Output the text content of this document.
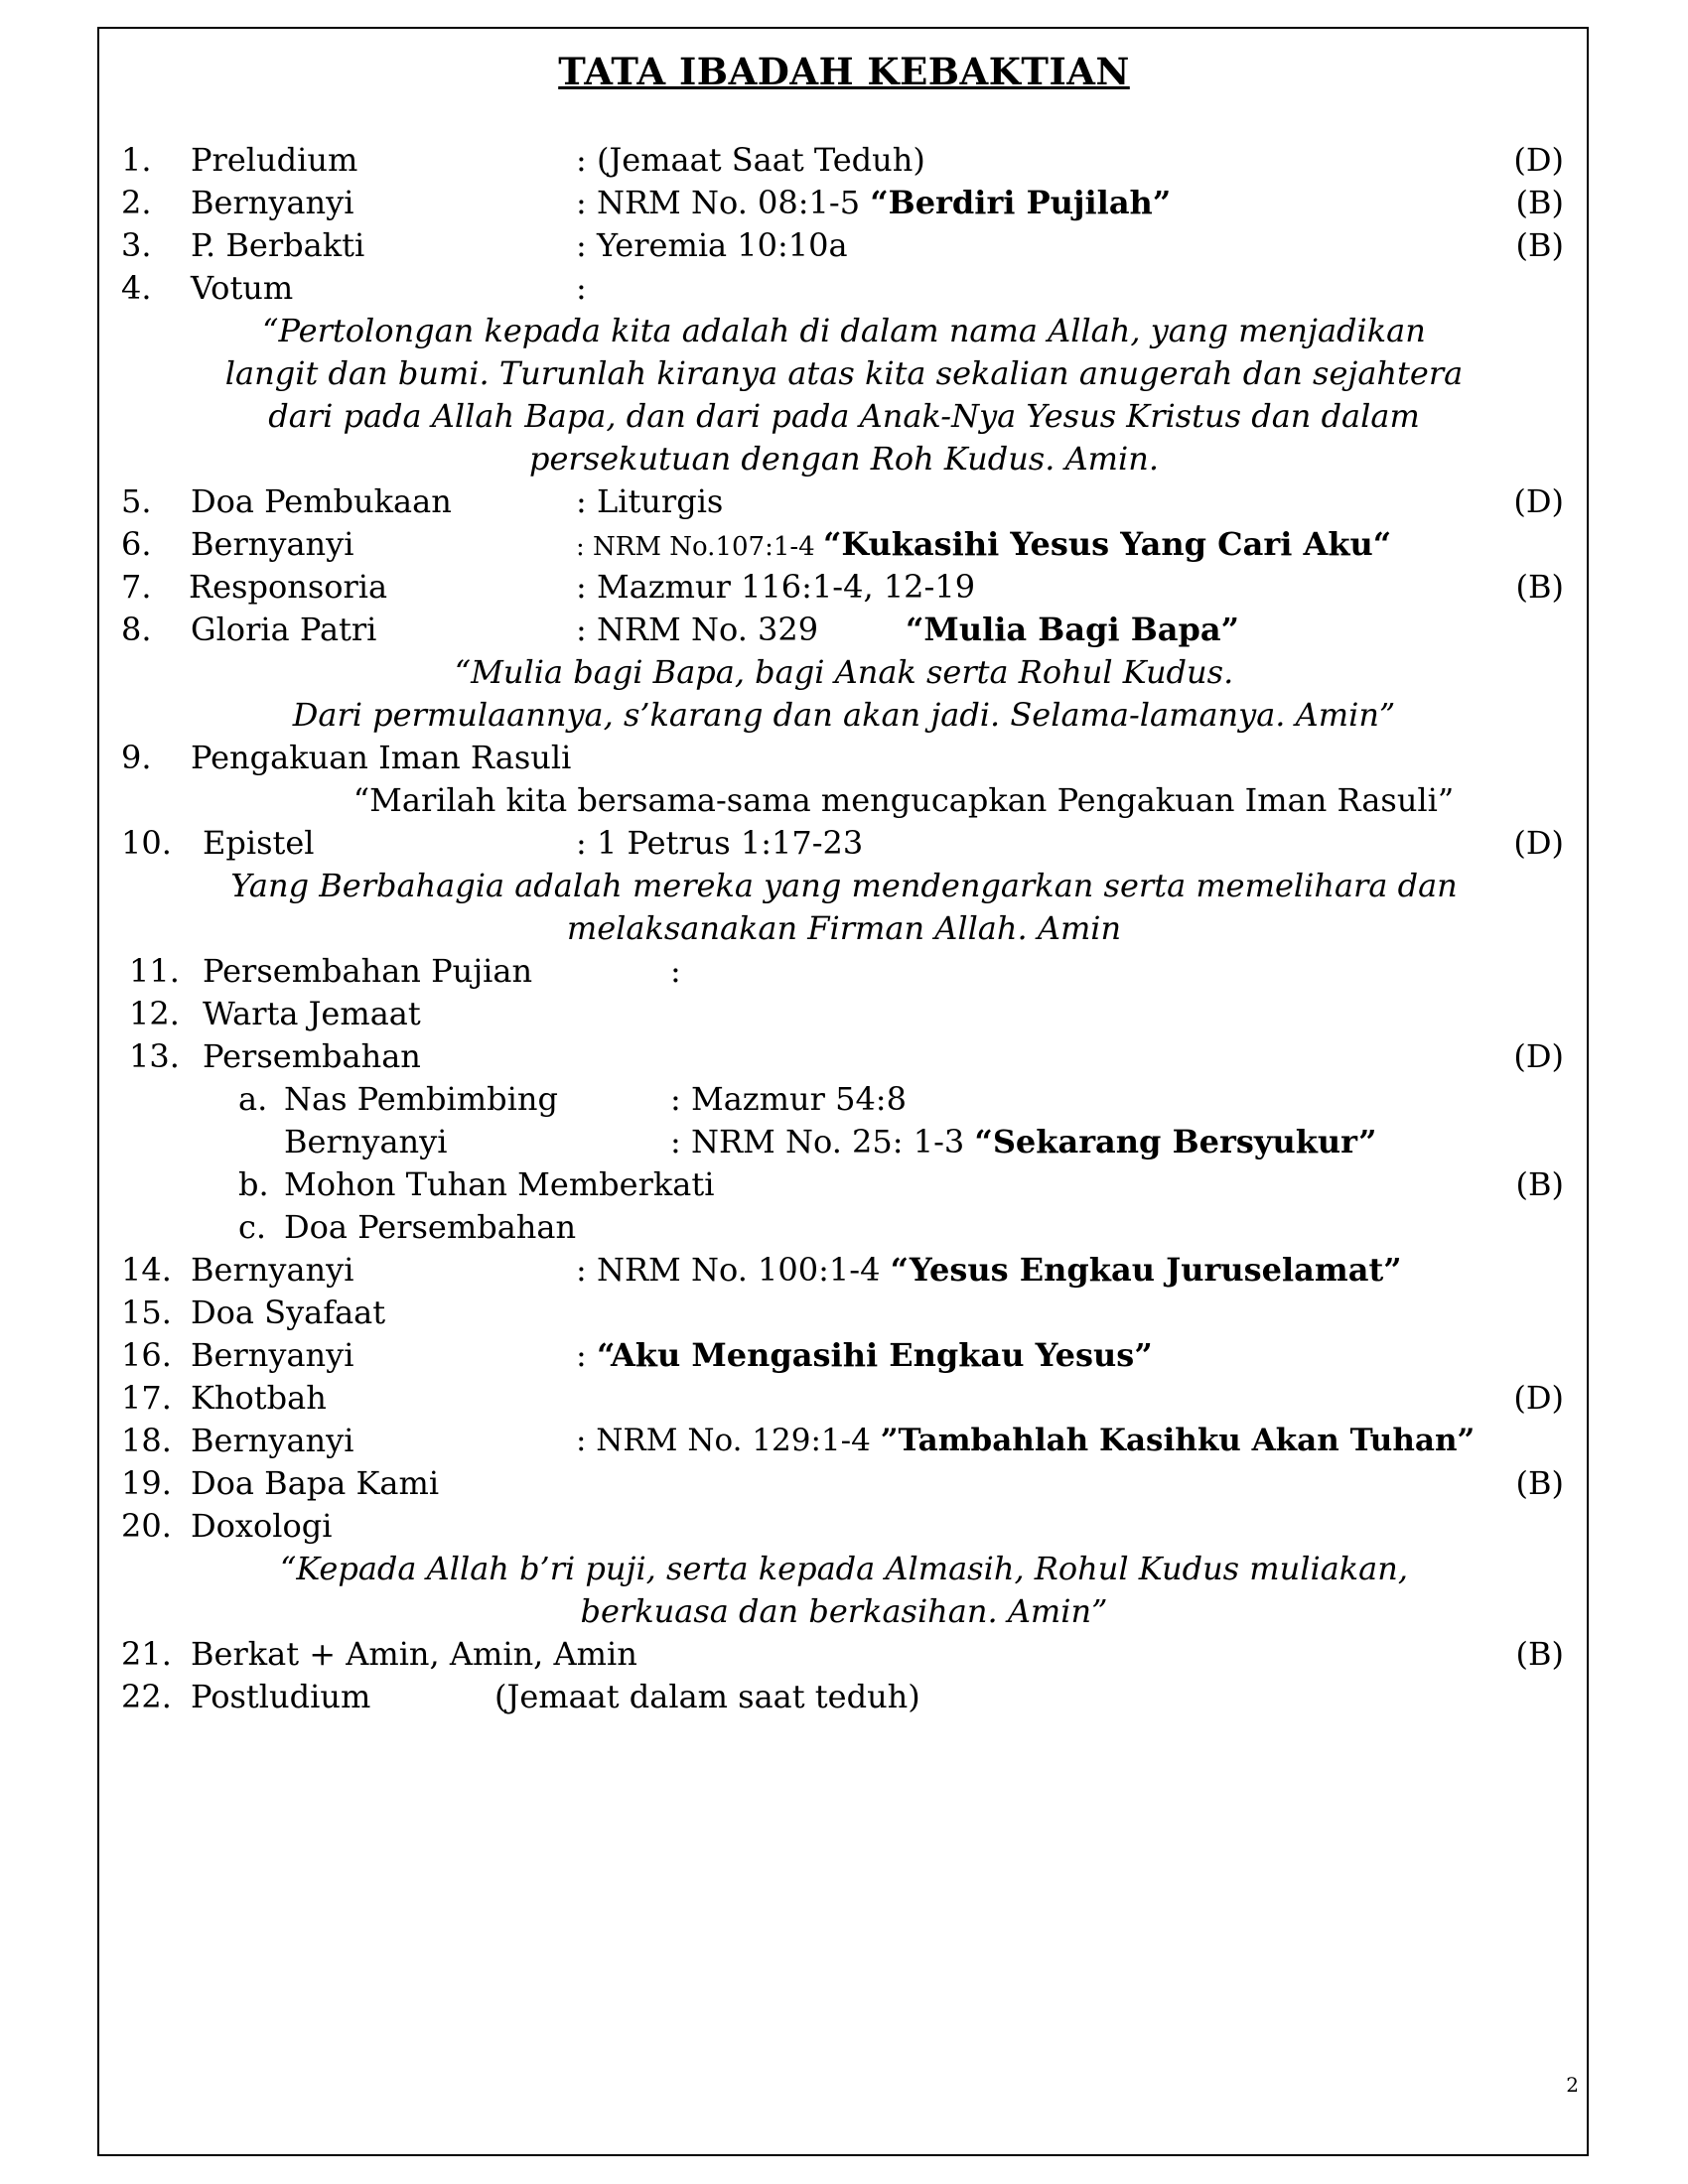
TATA IBADAH KEBAKTIAN
1. Preludium	: (Jemaat Saat Teduh)	(D)
2. Bernyanyi	: NRM No. 08:1-5 “Berdiri Pujilah”	(B)
3. P. Berbakti	: Yeremia 10:10a	(B)
4. Votum	:
“Pertolongan kepada kita adalah di dalam nama Allah, yang menjadikan
langit dan bumi. Turunlah kiranya atas kita sekalian anugerah dan sejahtera
dari pada Allah Bapa, dan dari pada Anak-Nya Yesus Kristus dan dalam
persekutuan dengan Roh Kudus. Amin.
5. Doa Pembukaan	: Liturgis	(D)
6. Bernyanyi	: NRM No.107:1-4 “Kukasihi Yesus Yang Cari Aku“
7. Responsoria	: Mazmur 116:1-4, 12-19	(B)
8. Gloria Patri	: NRM No. 329	“Mulia Bagi Bapa”
“Mulia bagi Bapa, bagi Anak serta Rohul Kudus.
Dari permulaannya, s’karang dan akan jadi. Selama-lamanya. Amin”
9. Pengakuan Iman Rasuli
“Marilah kita bersama-sama mengucapkan Pengakuan Iman Rasuli”
10. Epistel	: 1 Petrus 1:17-23	(D)
Yang Berbahagia adalah mereka yang mendengarkan serta memelihara dan
melaksanakan Firman Allah. Amin
11. Persembahan Pujian	:
12. Warta Jemaat
13. Persembahan	(D)
a. Nas Pembimbing	: Mazmur 54:8
Bernyanyi	: NRM No. 25: 1-3 “Sekarang Bersyukur”
b. Mohon Tuhan Memberkati	(B)
c. Doa Persembahan
14. Bernyanyi	: NRM No. 100:1-4 “Yesus Engkau Juruselamat”
15. Doa Syafaat
16. Bernyanyi	: “Aku Mengasihi Engkau Yesus”
17. Khotbah	(D)
18. Bernyanyi	: NRM No. 129:1-4 ”Tambahlah Kasihku Akan Tuhan”
19. Doa Bapa Kami	(B)
20. Doxologi
“Kepada Allah b’ri puji, serta kepada Almasih, Rohul Kudus muliakan,
berkuasa dan berkasihan. Amin”
21. Berkat + Amin, Amin, Amin	(B)
22. Postludium	(Jemaat dalam saat teduh)
2
